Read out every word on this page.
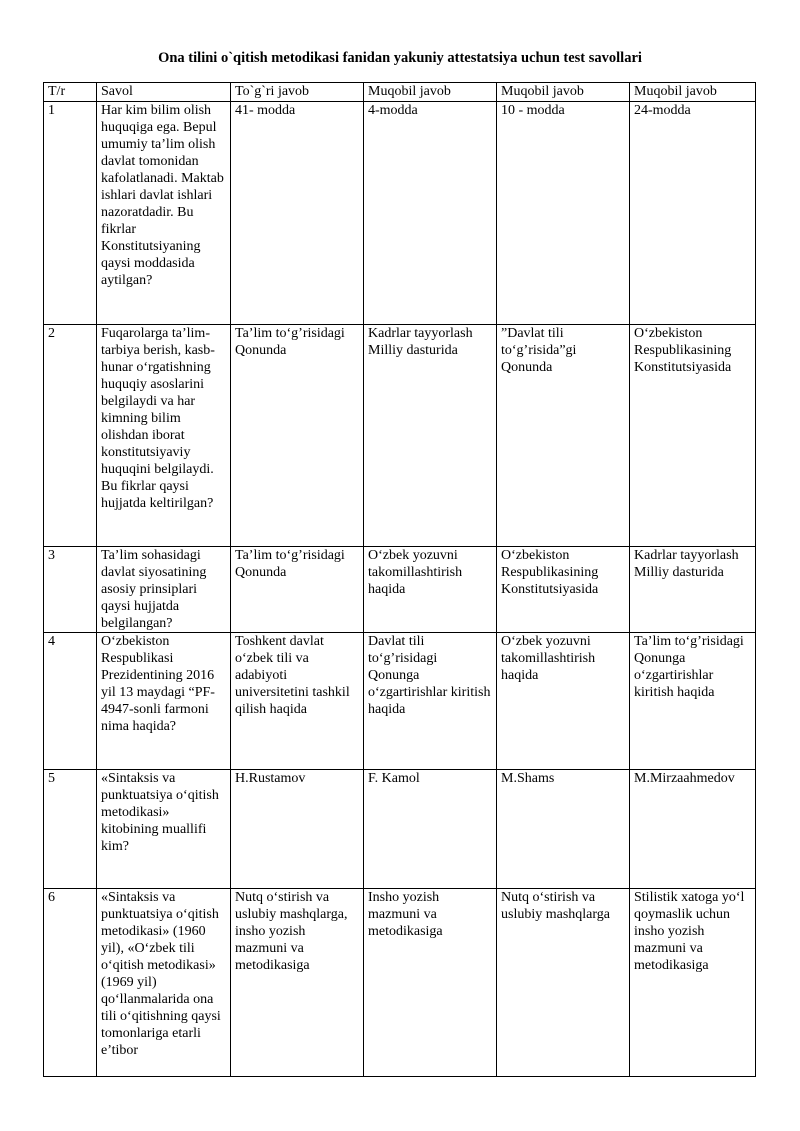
Ona tilini o`qitish metodikasi fanidan yakuniy attestatsiya uchun test savollari
T/r	Savol	To`g`ri javob	Muqobil javob	Muqobil javob	Muqobil javob
1	Har kim bilim olish huquqiga ega. Bepul umumiy ta’lim olish davlat tomonidan kafolatlanadi. Maktab ishlari davlat ishlari nazoratdadir. Bu fikrlar Konstitutsiyaning qaysi moddasida aytilgan?	41- modda	4-modda	10 - modda	24-modda
2	Fuqarolarga ta’lim-tarbiya berish, kasb-hunar o‘rgatishning huquqiy asoslarini belgilaydi va har kimning bilim olishdan iborat konstitutsiyaviy huquqini belgilaydi. Bu fikrlar qaysi hujjatda keltirilgan?	Ta’lim to‘g’risidagi Qonunda	Kadrlar tayyorlash Milliy dasturida	”Davlat tili to‘g’risida”gi Qonunda	O‘zbekiston Respublikasining Konstitutsiyasida
3	Ta’lim sohasidagi davlat siyosatining asosiy prinsiplari qaysi hujjatda belgilangan?	Ta’lim to‘g’risidagi Qonunda	O‘zbek yozuvni takomillashtirish haqida	O‘zbekiston Respublikasining Konstitutsiyasida	Kadrlar tayyorlash Milliy dasturida
4	O‘zbekiston Respublikasi Prezidentining 2016 yil 13 maydagi “PF-4947-sonli farmoni nima haqida?	Toshkent davlat o‘zbek tili va adabiyoti universitetini tashkil qilish haqida	Davlat tili to‘g’risidagi Qonunga o‘zgartirishlar kiritish haqida	O‘zbek yozuvni takomillashtirish haqida	Ta’lim to‘g’risidagi Qonunga o‘zgartirishlar kiritish haqida
5	«Sintaksis va punktuatsiya o‘qitish metodikasi» kitobining muallifi kim?	H.Rustamov	F. Kamol	M.Shams	M.Mirzaahmedov
6	«Sintaksis va punktuatsiya o‘qitish metodikasi» (1960 yil), «O‘zbek tili o‘qitish metodikasi» (1969 yil) qo‘llanmalarida ona tili o‘qitishning qaysi tomonlariga etarli e’tibor	Nutq o‘stirish va uslubiy mashqlarga, insho yozish mazmuni va metodikasiga	Insho yozish mazmuni va metodikasiga	Nutq o‘stirish va uslubiy mashqlarga	Stilistik xatoga yo‘l qoymaslik uchun insho yozish mazmuni va metodikasiga
